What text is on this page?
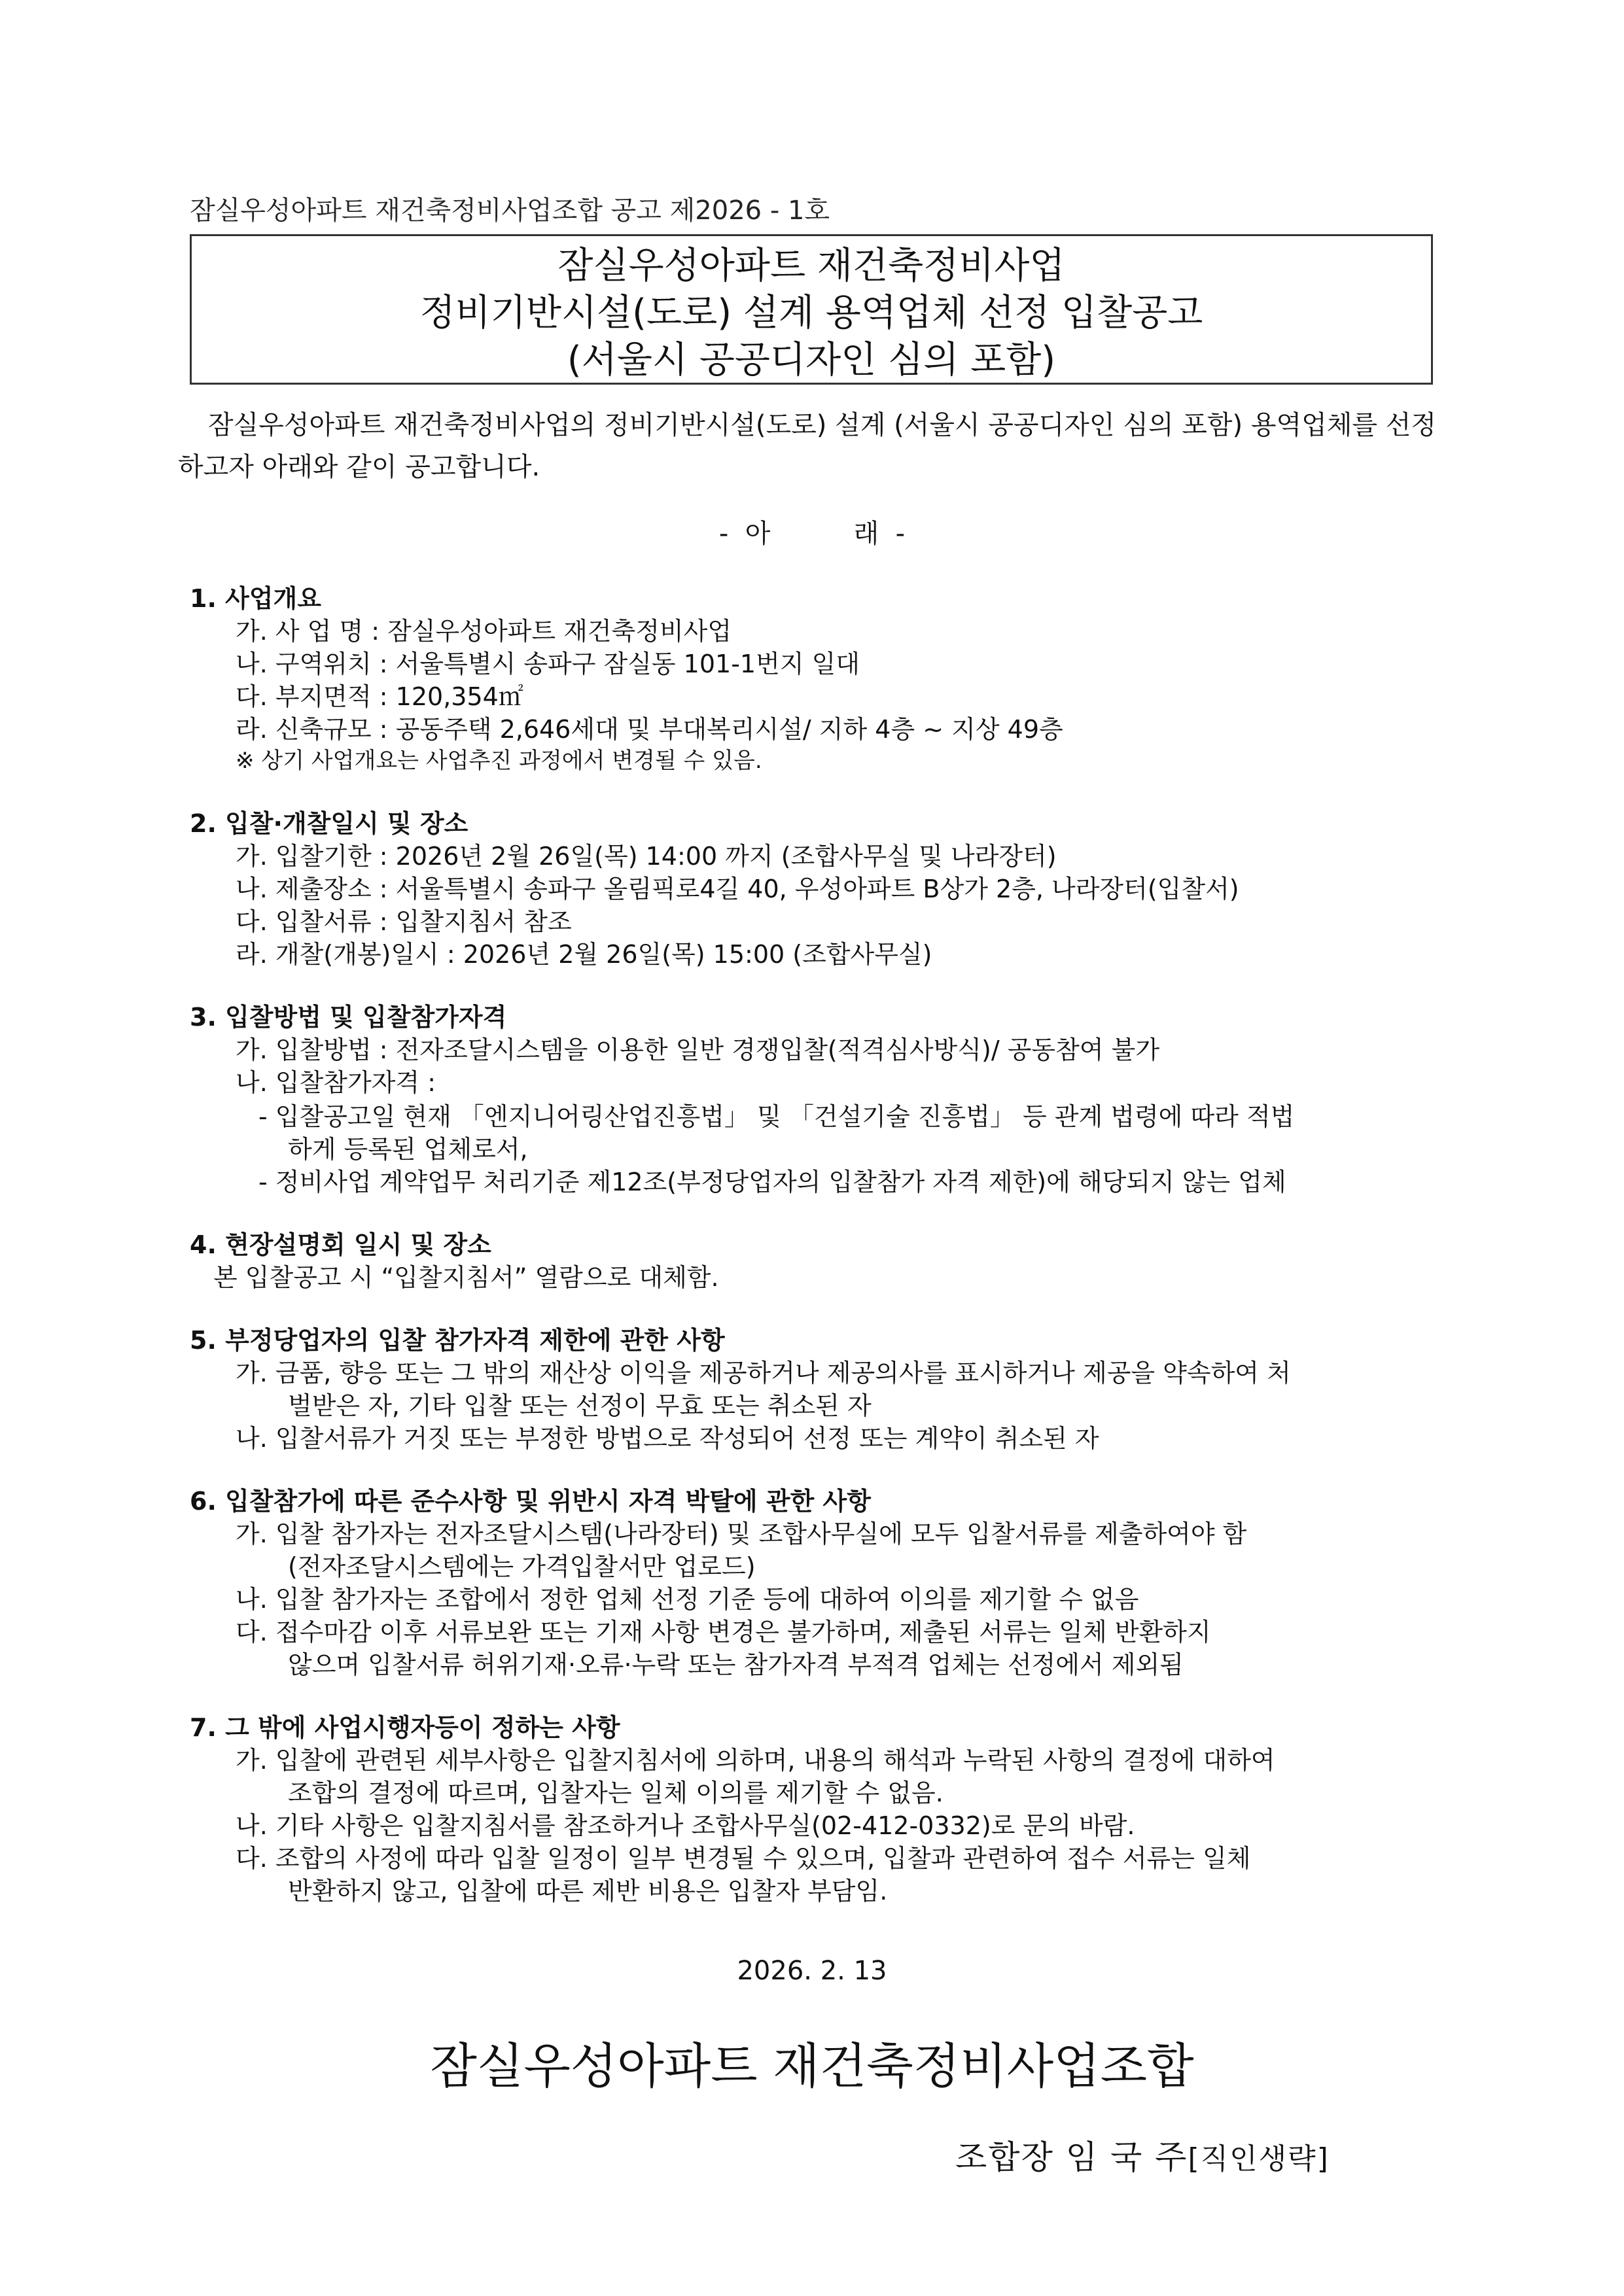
잠실우성아파트 재건축정비사업조합 공고 제2026 - 1호
잠실우성아파트 재건축정비사업
정비기반시설(도로) 설계 용역업체 선정 입찰공고
(서울시 공공디자인 심의 포함)
잠실우성아파트 재건축정비사업의 정비기반시설(도로) 설계 (서울시 공공디자인 심의 포함) 용역업체를 선정
하고자 아래와 같이 공고합니다.
-  아          래  -
1. 사업개요
가. 사 업 명 : 잠실우성아파트 재건축정비사업
나. 구역위치 : 서울특별시 송파구 잠실동 101-1번지 일대
다. 부지면적 : 120,354㎡
라. 신축규모 : 공동주택 2,646세대 및 부대복리시설/ 지하 4층 ~ 지상 49층
※ 상기 사업개요는 사업추진 과정에서 변경될 수 있음.
2. 입찰·개찰일시 및 장소
가. 입찰기한 : 2026년 2월 26일(목) 14:00 까지 (조합사무실 및 나라장터)
나. 제출장소 : 서울특별시 송파구 올림픽로4길 40, 우성아파트 B상가 2층, 나라장터(입찰서)
다. 입찰서류 : 입찰지침서 참조
라. 개찰(개봉)일시 : 2026년 2월 26일(목) 15:00 (조합사무실)
3. 입찰방법 및 입찰참가자격
가. 입찰방법 : 전자조달시스템을 이용한 일반 경쟁입찰(적격심사방식)/ 공동참여 불가
나. 입찰참가자격 :
- 입찰공고일 현재 「엔지니어링산업진흥법」 및 「건설기술 진흥법」 등 관계 법령에 따라 적법
하게 등록된 업체로서,
- 정비사업 계약업무 처리기준 제12조(부정당업자의 입찰참가 자격 제한)에 해당되지 않는 업체
4. 현장설명회 일시 및 장소
본 입찰공고 시 “입찰지침서” 열람으로 대체함.
5. 부정당업자의 입찰 참가자격 제한에 관한 사항
가. 금품, 향응 또는 그 밖의 재산상 이익을 제공하거나 제공의사를 표시하거나 제공을 약속하여 처
벌받은 자, 기타 입찰 또는 선정이 무효 또는 취소된 자
나. 입찰서류가 거짓 또는 부정한 방법으로 작성되어 선정 또는 계약이 취소된 자
6. 입찰참가에 따른 준수사항 및 위반시 자격 박탈에 관한 사항
가. 입찰 참가자는 전자조달시스템(나라장터) 및 조합사무실에 모두 입찰서류를 제출하여야 함
(전자조달시스템에는 가격입찰서만 업로드)
나. 입찰 참가자는 조합에서 정한 업체 선정 기준 등에 대하여 이의를 제기할 수 없음
다. 접수마감 이후 서류보완 또는 기재 사항 변경은 불가하며, 제출된 서류는 일체 반환하지
않으며 입찰서류 허위기재·오류·누락 또는 참가자격 부적격 업체는 선정에서 제외됨
7. 그 밖에 사업시행자등이 정하는 사항
가. 입찰에 관련된 세부사항은 입찰지침서에 의하며, 내용의 해석과 누락된 사항의 결정에 대하여
조합의 결정에 따르며, 입찰자는 일체 이의를 제기할 수 없음.
나. 기타 사항은 입찰지침서를 참조하거나 조합사무실(02-412-0332)로 문의 바람.
다. 조합의 사정에 따라 입찰 일정이 일부 변경될 수 있으며, 입찰과 관련하여 접수 서류는 일체
반환하지 않고, 입찰에 따른 제반 비용은 입찰자 부담임.
2026. 2. 13
잠실우성아파트 재건축정비사업조합
조합장 임 국 주[직인생략]
